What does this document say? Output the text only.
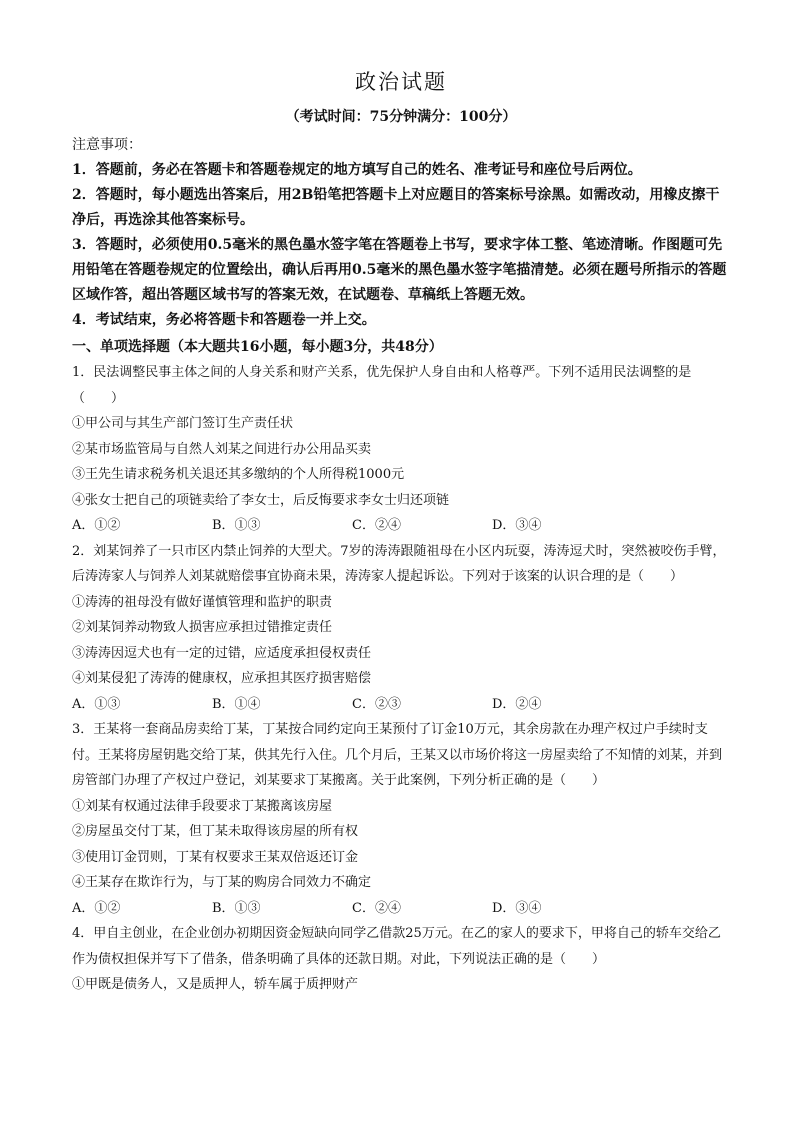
政治试题
（考试时间：75分钟满分：100分）
注意事项：

1．答题前，务必在答题卡和答题卷规定的地方填写自己的姓名、准考证号和座位号后两位。

2．答题时，每小题选出答案后，用2B铅笔把答题卡上对应题目的答案标号涂黑。如需改动，用橡皮擦干净后，再选涂其他答案标号。

3．答题时，必须使用0.5毫米的黑色墨水签字笔在答题卷上书写，要求字体工整、笔迹清晰。作图题可先用铅笔在答题卷规定的位置绘出，确认后再用0.5毫米的黑色墨水签字笔描清楚。必须在题号所指示的答题区域作答，超出答题区域书写的答案无效，在试题卷、草稿纸上答题无效。

4．考试结束，务必将答题卡和答题卷一并上交。

一、单项选择题（本大题共16小题，每小题3分，共48分）

1．民法调整民事主体之间的人身关系和财产关系，优先保护人身自由和人格尊严。下列不适用民法调整的是（　　）

①甲公司与其生产部门签订生产责任状

②某市场监管局与自然人刘某之间进行办公用品买卖

③王先生请求税务机关退还其多缴纳的个人所得税1000元

④张女士把自己的项链卖给了李女士，后反悔要求李女士归还项链

A．①②	B．①③	C．②④	D．③④

2．刘某饲养了一只市区内禁止饲养的大型犬。7岁的涛涛跟随祖母在小区内玩耍，涛涛逗犬时，突然被咬伤手臂，后涛涛家人与饲养人刘某就赔偿事宜协商未果，涛涛家人提起诉讼。下列对于该案的认识合理的是（　　）

①涛涛的祖母没有做好谨慎管理和监护的职责

②刘某饲养动物致人损害应承担过错推定责任

③涛涛因逗犬也有一定的过错，应适度承担侵权责任

④刘某侵犯了涛涛的健康权，应承担其医疗损害赔偿

A．①③	B．①④	C．②③	D．②④

3．王某将一套商品房卖给丁某，丁某按合同约定向王某预付了订金10万元，其余房款在办理产权过户手续时支付。王某将房屋钥匙交给丁某，供其先行入住。几个月后，王某又以市场价将这一房屋卖给了不知情的刘某，并到房管部门办理了产权过户登记，刘某要求丁某搬离。关于此案例，下列分析正确的是（　　）

①刘某有权通过法律手段要求丁某搬离该房屋

②房屋虽交付丁某，但丁某未取得该房屋的所有权

③使用订金罚则，丁某有权要求王某双倍返还订金

④王某存在欺诈行为，与丁某的购房合同效力不确定

A．①②	B．①③	C．②④	D．③④

4．甲自主创业，在企业创办初期因资金短缺向同学乙借款25万元。在乙的家人的要求下，甲将自己的轿车交给乙作为债权担保并写下了借条，借条明确了具体的还款日期。对此，下列说法正确的是（　　）

①甲既是债务人，又是质押人，轿车属于质押财产
